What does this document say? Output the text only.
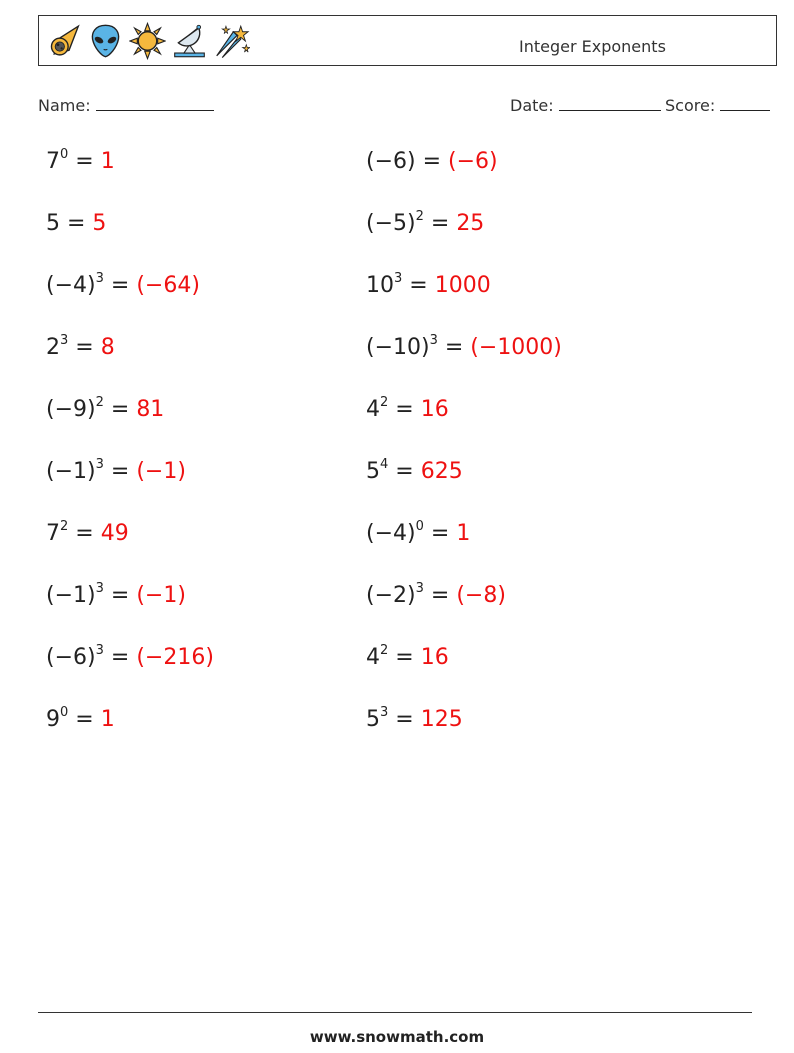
Integer Exponents
Name:	Date:	Score:
$7^0 = 1$	(−6) = (−6)
5 = 5	$(-5)^2 = 25$
$(-4)^3 = (-64)$	$10^3 = 1000$
$2^3 = 8$	$(-10)^3 = (-1000)$
$(-9)^2 = 81$	$4^2 = 16$
$(-1)^3 = (-1)$	$5^4 = 625$
$7^2 = 49$	$(-4)^0 = 1$
$(-1)^3 = (-1)$	$(-2)^3 = (-8)$
$(-6)^3 = (-216)$	$4^2 = 16$
$9^0 = 1$	$5^3 = 125$
www.snowmath.com
